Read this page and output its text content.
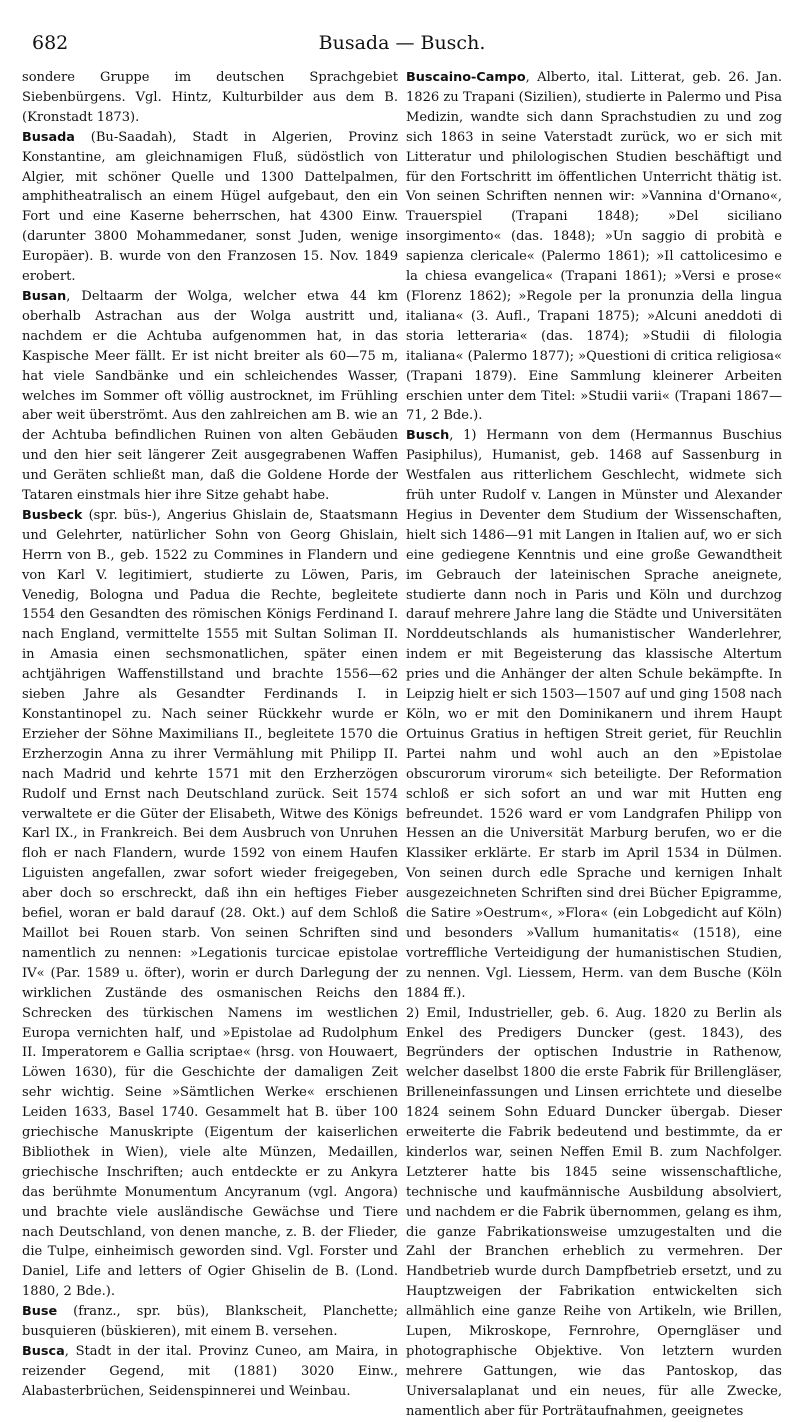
682	Busada — Busch.

sondere Gruppe im deutschen Sprachgebiet Siebenbürgens. Vgl. Hintz, Kulturbilder aus dem B. (Kronstadt 1873).

Busada (Bu-Saadah), Stadt in Algerien, Provinz Konstantine, am gleichnamigen Fluß, südöstlich von Algier, mit schöner Quelle und 1300 Dattelpalmen, amphitheatralisch an einem Hügel aufgebaut, den ein Fort und eine Kaserne beherrschen, hat 4300 Einw. (darunter 3800 Mohammedaner, sonst Juden, wenige Europäer). B. wurde von den Franzosen 15. Nov. 1849 erobert.

Busan, Deltaarm der Wolga, welcher etwa 44 km oberhalb Astrachan aus der Wolga austritt und, nachdem er die Achtuba aufgenommen hat, in das Kaspische Meer fällt. Er ist nicht breiter als 60—75 m, hat viele Sandbänke und ein schleichendes Wasser, welches im Sommer oft völlig austrocknet, im Frühling aber weit überströmt. Aus den zahlreichen am B. wie an der Achtuba befindlichen Ruinen von alten Gebäuden und den hier seit längerer Zeit ausgegrabenen Waffen und Geräten schließt man, daß die Goldene Horde der Tataren einstmals hier ihre Sitze gehabt habe.

Busbeck (spr. büs-), Angerius Ghislain de, Staatsmann und Gelehrter, natürlicher Sohn von Georg Ghislain, Herrn von B., geb. 1522 zu Commines in Flandern und von Karl V. legitimiert, studierte zu Löwen, Paris, Venedig, Bologna und Padua die Rechte, begleitete 1554 den Gesandten des römischen Königs Ferdinand I. nach England, vermittelte 1555 mit Sultan Soliman II. in Amasia einen sechsmonatlichen, später einen achtjährigen Waffenstillstand und brachte 1556—62 sieben Jahre als Gesandter Ferdinands I. in Konstantinopel zu. Nach seiner Rückkehr wurde er Erzieher der Söhne Maximilians II., begleitete 1570 die Erzherzogin Anna zu ihrer Vermählung mit Philipp II. nach Madrid und kehrte 1571 mit den Erzherzögen Rudolf und Ernst nach Deutschland zurück. Seit 1574 verwaltete er die Güter der Elisabeth, Witwe des Königs Karl IX., in Frankreich. Bei dem Ausbruch von Unruhen floh er nach Flandern, wurde 1592 von einem Haufen Liguisten angefallen, zwar sofort wieder freigegeben, aber doch so erschreckt, daß ihn ein heftiges Fieber befiel, woran er bald darauf (28. Okt.) auf dem Schloß Maillot bei Rouen starb. Von seinen Schriften sind namentlich zu nennen: »Legationis turcicae epistolae IV« (Par. 1589 u. öfter), worin er durch Darlegung der wirklichen Zustände des osmanischen Reichs den Schrecken des türkischen Namens im westlichen Europa vernichten half, und »Epistolae ad Rudolphum II. Imperatorem e Gallia scriptae« (hrsg. von Houwaert, Löwen 1630), für die Geschichte der damaligen Zeit sehr wichtig. Seine »Sämtlichen Werke« erschienen Leiden 1633, Basel 1740. Gesammelt hat B. über 100 griechische Manuskripte (Eigentum der kaiserlichen Bibliothek in Wien), viele alte Münzen, Medaillen, griechische Inschriften; auch entdeckte er zu Ankyra das berühmte Monumentum Ancyranum (vgl. Angora) und brachte viele ausländische Gewächse und Tiere nach Deutschland, von denen manche, z. B. der Flieder, die Tulpe, einheimisch geworden sind. Vgl. Forster und Daniel, Life and letters of Ogier Ghiselin de B. (Lond. 1880, 2 Bde.).

Buse (franz., spr. büs), Blankscheit, Planchette; busquieren (büskieren), mit einem B. versehen.

Busca, Stadt in der ital. Provinz Cuneo, am Maira, in reizender Gegend, mit (1881) 3020 Einw., Alabasterbrüchen, Seidenspinnerei und Weinbau.

Buscaino-Campo, Alberto, ital. Litterat, geb. 26. Jan. 1826 zu Trapani (Sizilien), studierte in Palermo und Pisa Medizin, wandte sich dann Sprachstudien zu und zog sich 1863 in seine Vaterstadt zurück, wo er sich mit Litteratur und philologischen Studien beschäftigt und für den Fortschritt im öffentlichen Unterricht thätig ist. Von seinen Schriften nennen wir: »Vannina d'Ornano«, Trauerspiel (Trapani 1848); »Del siciliano insorgimento« (das. 1848); »Un saggio di probità e sapienza clericale« (Palermo 1861); »Il cattolicesimo e la chiesa evangelica« (Trapani 1861); »Versi e prose« (Florenz 1862); »Regole per la pronunzia della lingua italiana« (3. Aufl., Trapani 1875); »Alcuni aneddoti di storia letteraria« (das. 1874); »Studii di filologia italiana« (Palermo 1877); »Questioni di critica religiosa« (Trapani 1879). Eine Sammlung kleinerer Arbeiten erschien unter dem Titel: »Studii varii« (Trapani 1867—71, 2 Bde.).

Busch, 1) Hermann von dem (Hermannus Buschius Pasiphilus), Humanist, geb. 1468 auf Sassenburg in Westfalen aus ritterlichem Geschlecht, widmete sich früh unter Rudolf v. Langen in Münster und Alexander Hegius in Deventer dem Studium der Wissenschaften, hielt sich 1486—91 mit Langen in Italien auf, wo er sich eine gediegene Kenntnis und eine große Gewandtheit im Gebrauch der lateinischen Sprache aneignete, studierte dann noch in Paris und Köln und durchzog darauf mehrere Jahre lang die Städte und Universitäten Norddeutschlands als humanistischer Wanderlehrer, indem er mit Begeisterung das klassische Altertum pries und die Anhänger der alten Schule bekämpfte. In Leipzig hielt er sich 1503—1507 auf und ging 1508 nach Köln, wo er mit den Dominikanern und ihrem Haupt Ortuinus Gratius in heftigen Streit geriet, für Reuchlin Partei nahm und wohl auch an den »Epistolae obscurorum virorum« sich beteiligte. Der Reformation schloß er sich sofort an und war mit Hutten eng befreundet. 1526 ward er vom Landgrafen Philipp von Hessen an die Universität Marburg berufen, wo er die Klassiker erklärte. Er starb im April 1534 in Dülmen. Von seinen durch edle Sprache und kernigen Inhalt ausgezeichneten Schriften sind drei Bücher Epigramme, die Satire »Oestrum«, »Flora« (ein Lobgedicht auf Köln) und besonders »Vallum humanitatis« (1518), eine vortreffliche Verteidigung der humanistischen Studien, zu nennen. Vgl. Liessem, Herm. van dem Busche (Köln 1884 ff.).

2) Emil, Industrieller, geb. 6. Aug. 1820 zu Berlin als Enkel des Predigers Duncker (gest. 1843), des Begründers der optischen Industrie in Rathenow, welcher daselbst 1800 die erste Fabrik für Brillengläser, Brilleneinfassungen und Linsen errichtete und dieselbe 1824 seinem Sohn Eduard Duncker übergab. Dieser erweiterte die Fabrik bedeutend und bestimmte, da er kinderlos war, seinen Neffen Emil B. zum Nachfolger. Letzterer hatte bis 1845 seine wissenschaftliche, technische und kaufmännische Ausbildung absolviert, und nachdem er die Fabrik übernommen, gelang es ihm, die ganze Fabrikationsweise umzugestalten und die Zahl der Branchen erheblich zu vermehren. Der Handbetrieb wurde durch Dampfbetrieb ersetzt, und zu Hauptzweigen der Fabrikation entwickelten sich allmählich eine ganze Reihe von Artikeln, wie Brillen, Lupen, Mikroskope, Fernrohre, Operngläser und photographische Objektive. Von letztern wurden mehrere Gattungen, wie das Pantoskop, das Universalaplanat und ein neues, für alle Zwecke, namentlich aber für Porträtaufnahmen, geeignetes
